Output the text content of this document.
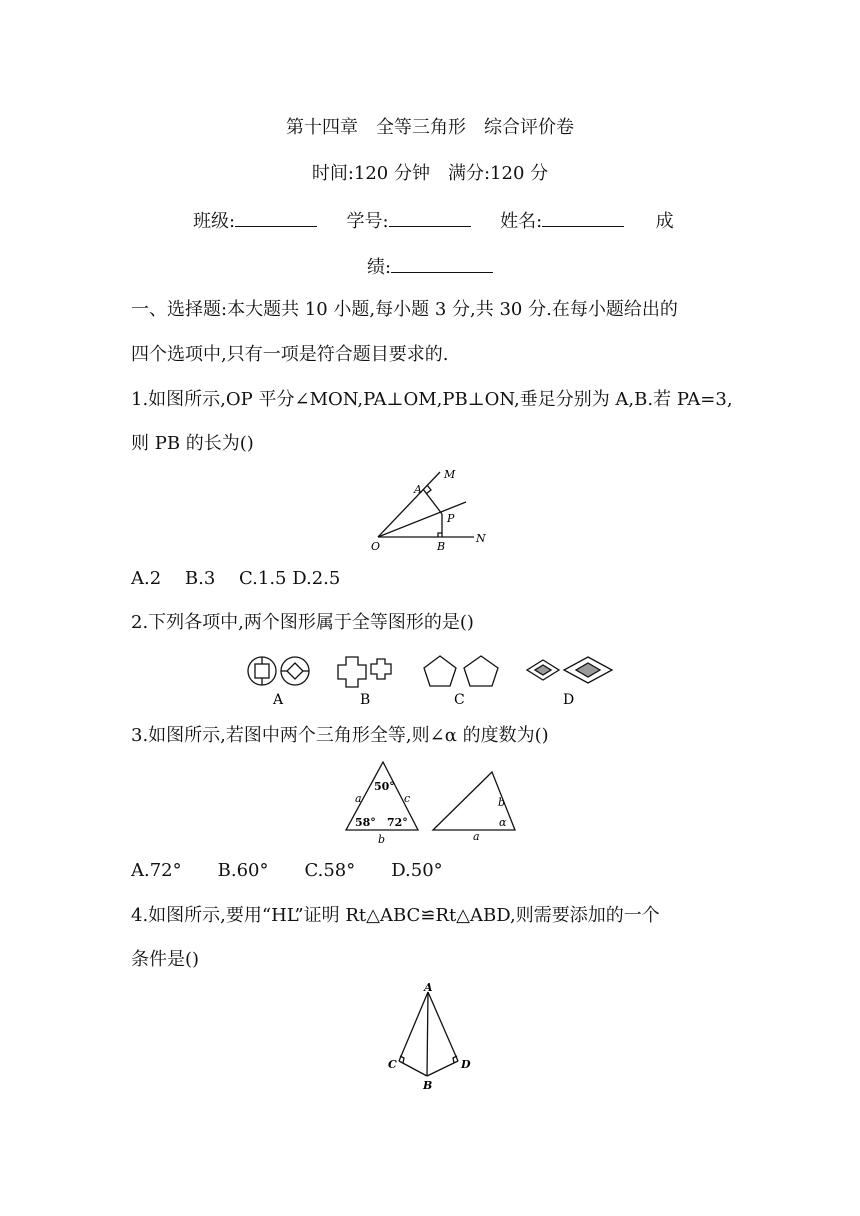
第十四章　全等三角形　综合评价卷
时间:120 分钟　满分:120 分
班级:	学号:	姓名:	成
绩:
一、选择题:本大题共 10 小题,每小题 3 分,共 30 分.在每小题给出的
四个选项中,只有一项是符合题目要求的.
1.如图所示,OP 平分∠MON,PA⊥OM,PB⊥ON,垂足分别为 A,B.若 PA=3,
则 PB 的长为()
M
A
P
O	B
N
A.2　 B.3　 C.1.5 D.2.5
2.下列各项中,两个图形属于全等图形的是()
A	B	C	D
3.如图所示,若图中两个三角形全等,则∠α 的度数为()
50°
58° 72°
a	c
b
b
a
α
A.72°　　B.60°　　C.58°　　D.50°
4.如图所示,要用“HL”证明 Rt△ABC≌Rt△ABD,则需要添加的一个
条件是()
A
B
C	D
